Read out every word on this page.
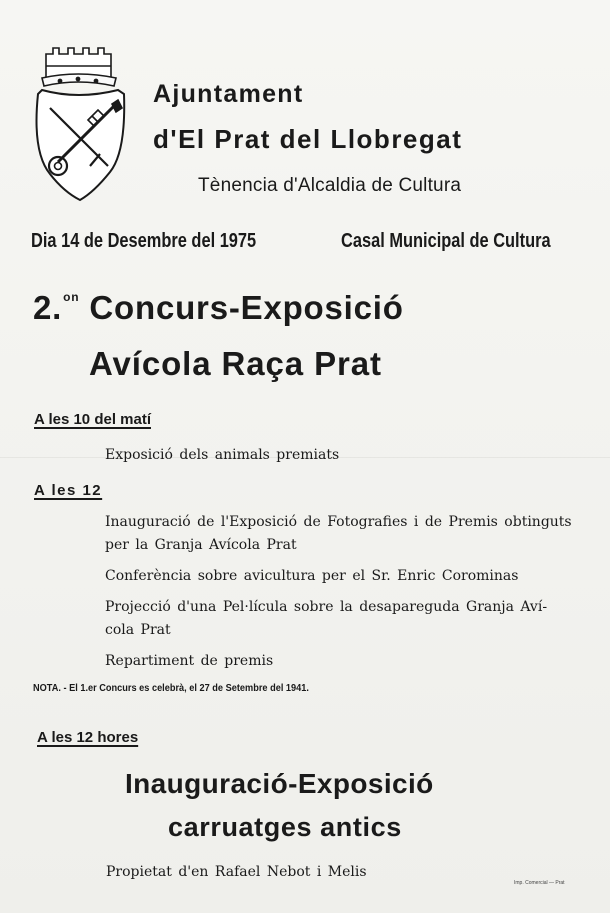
Ajuntament
d'El Prat del Llobregat
Tènencia d'Alcaldia de Cultura
Dia 14 de Desembre del 1975	Casal Municipal de Cultura
2.$^{on}$ Concurs-Exposició
Avícola Raça Prat
A les 10 del matí
Exposició dels animals premiats
A les 12
Inauguració de l'Exposició de Fotografies i de Premis obtinguts
per la Granja Avícola Prat
Conferència sobre avicultura per el Sr. Enric Corominas
Projecció d'una Pel·lícula sobre la desapareguda Granja Aví-
cola Prat
Repartiment de premis
NOTA. - El 1.er Concurs es celebrà, el 27 de Setembre del 1941.
A les 12 hores
Inauguració-Exposició
carruatges antics
Propietat d'en Rafael Nebot i Melis
Imp. Comercial — Prat
